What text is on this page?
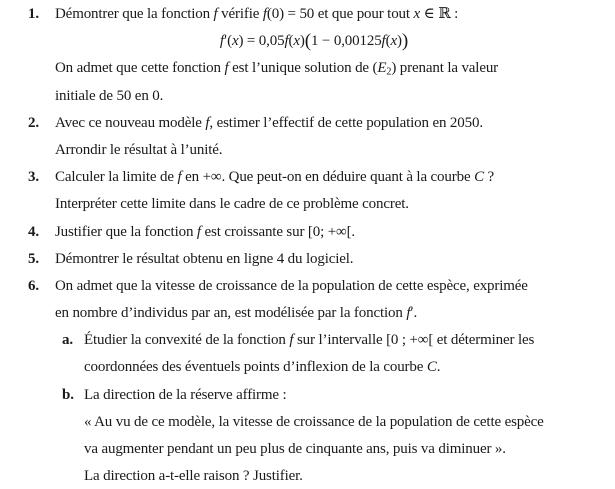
1.	Démontrer que la fonction f vérifie f(0) = 50 et que pour tout x ∈ ℝ :
f′(x) = 0,05f(x)(1 − 0,00125f(x))
On admet que cette fonction f est l’unique solution de $(E_2)$ prenant la valeur
initiale de 50 en 0.
2.	Avec ce nouveau modèle f, estimer l’effectif de cette population en 2050.
Arrondir le résultat à l’unité.
3.	Calculer la limite de f en +∞. Que peut-on en déduire quant à la courbe C ?
Interpréter cette limite dans le cadre de ce problème concret.
4.	Justifier que la fonction f est croissante sur [0; +∞[.
5.	Démontrer le résultat obtenu en ligne 4 du logiciel.
6.	On admet que la vitesse de croissance de la population de cette espèce, exprimée
en nombre d’individus par an, est modélisée par la fonction f′.
a. Étudier la convexité de la fonction f sur l’intervalle [0 ; +∞[ et déterminer les
coordonnées des éventuels points d’inflexion de la courbe C.
b. La direction de la réserve affirme :
« Au vu de ce modèle, la vitesse de croissance de la population de cette espèce
va augmenter pendant un peu plus de cinquante ans, puis va diminuer ».
La direction a-t-elle raison ? Justifier.
